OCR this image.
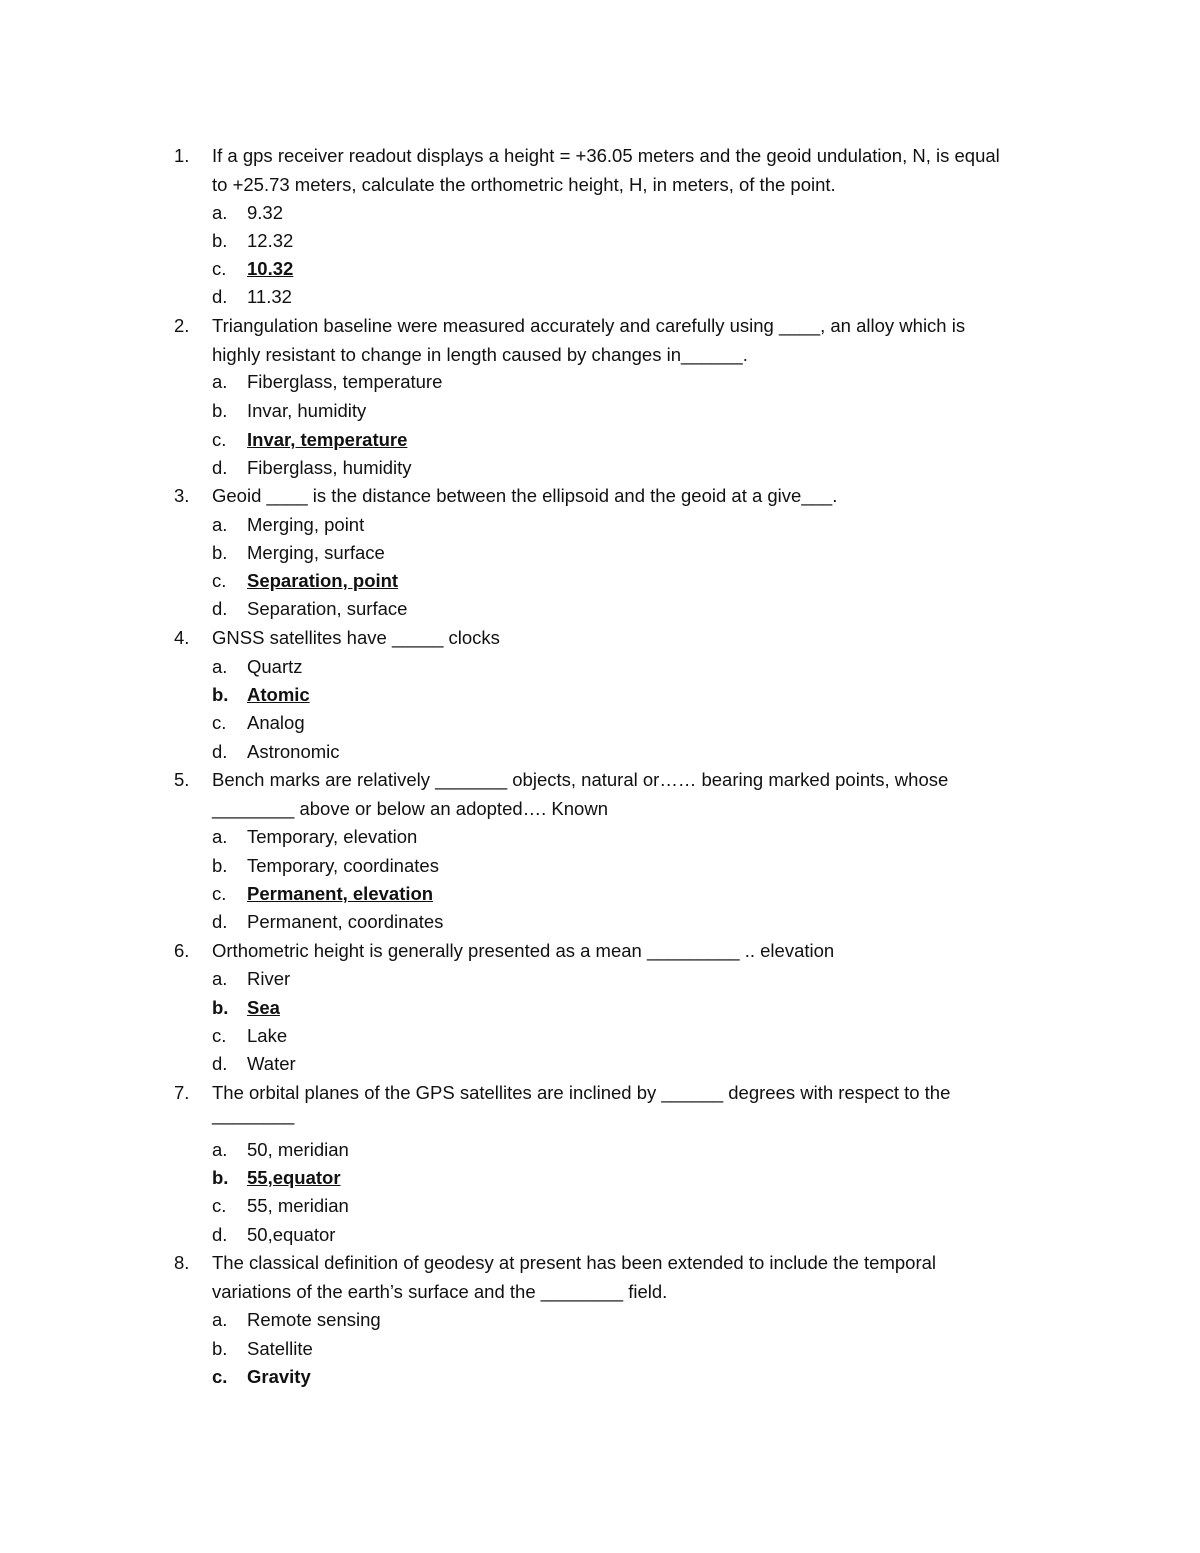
1. If a gps receiver readout displays a height = +36.05 meters and the geoid undulation, N, is equal
to +25.73 meters, calculate the orthometric height, H, in meters, of the point.
a. 9.32
b. 12.32
c. 10.32
d. 11.32
2. Triangulation baseline were measured accurately and carefully using ____, an alloy which is
highly resistant to change in length caused by changes in______.
a. Fiberglass, temperature
b. Invar, humidity
c. Invar, temperature
d. Fiberglass, humidity
3. Geoid ____ is the distance between the ellipsoid and the geoid at a give___.
a. Merging, point
b. Merging, surface
c. Separation, point
d. Separation, surface
4. GNSS satellites have _____ clocks
a. Quartz
b. Atomic
c. Analog
d. Astronomic
5. Bench marks are relatively _______ objects, natural or…… bearing marked points, whose
________ above or below an adopted…. Known
a. Temporary, elevation
b. Temporary, coordinates
c. Permanent, elevation
d. Permanent, coordinates
6. Orthometric height is generally presented as a mean _________ .. elevation
a. River
b. Sea
c. Lake
d. Water
7. The orbital planes of the GPS satellites are inclined by ______ degrees with respect to the
________
a. 50, meridian
b. 55,equator
c. 55, meridian
d. 50,equator
8. The classical definition of geodesy at present has been extended to include the temporal
variations of the earth’s surface and the ________ field.
a. Remote sensing
b. Satellite
c. Gravity
